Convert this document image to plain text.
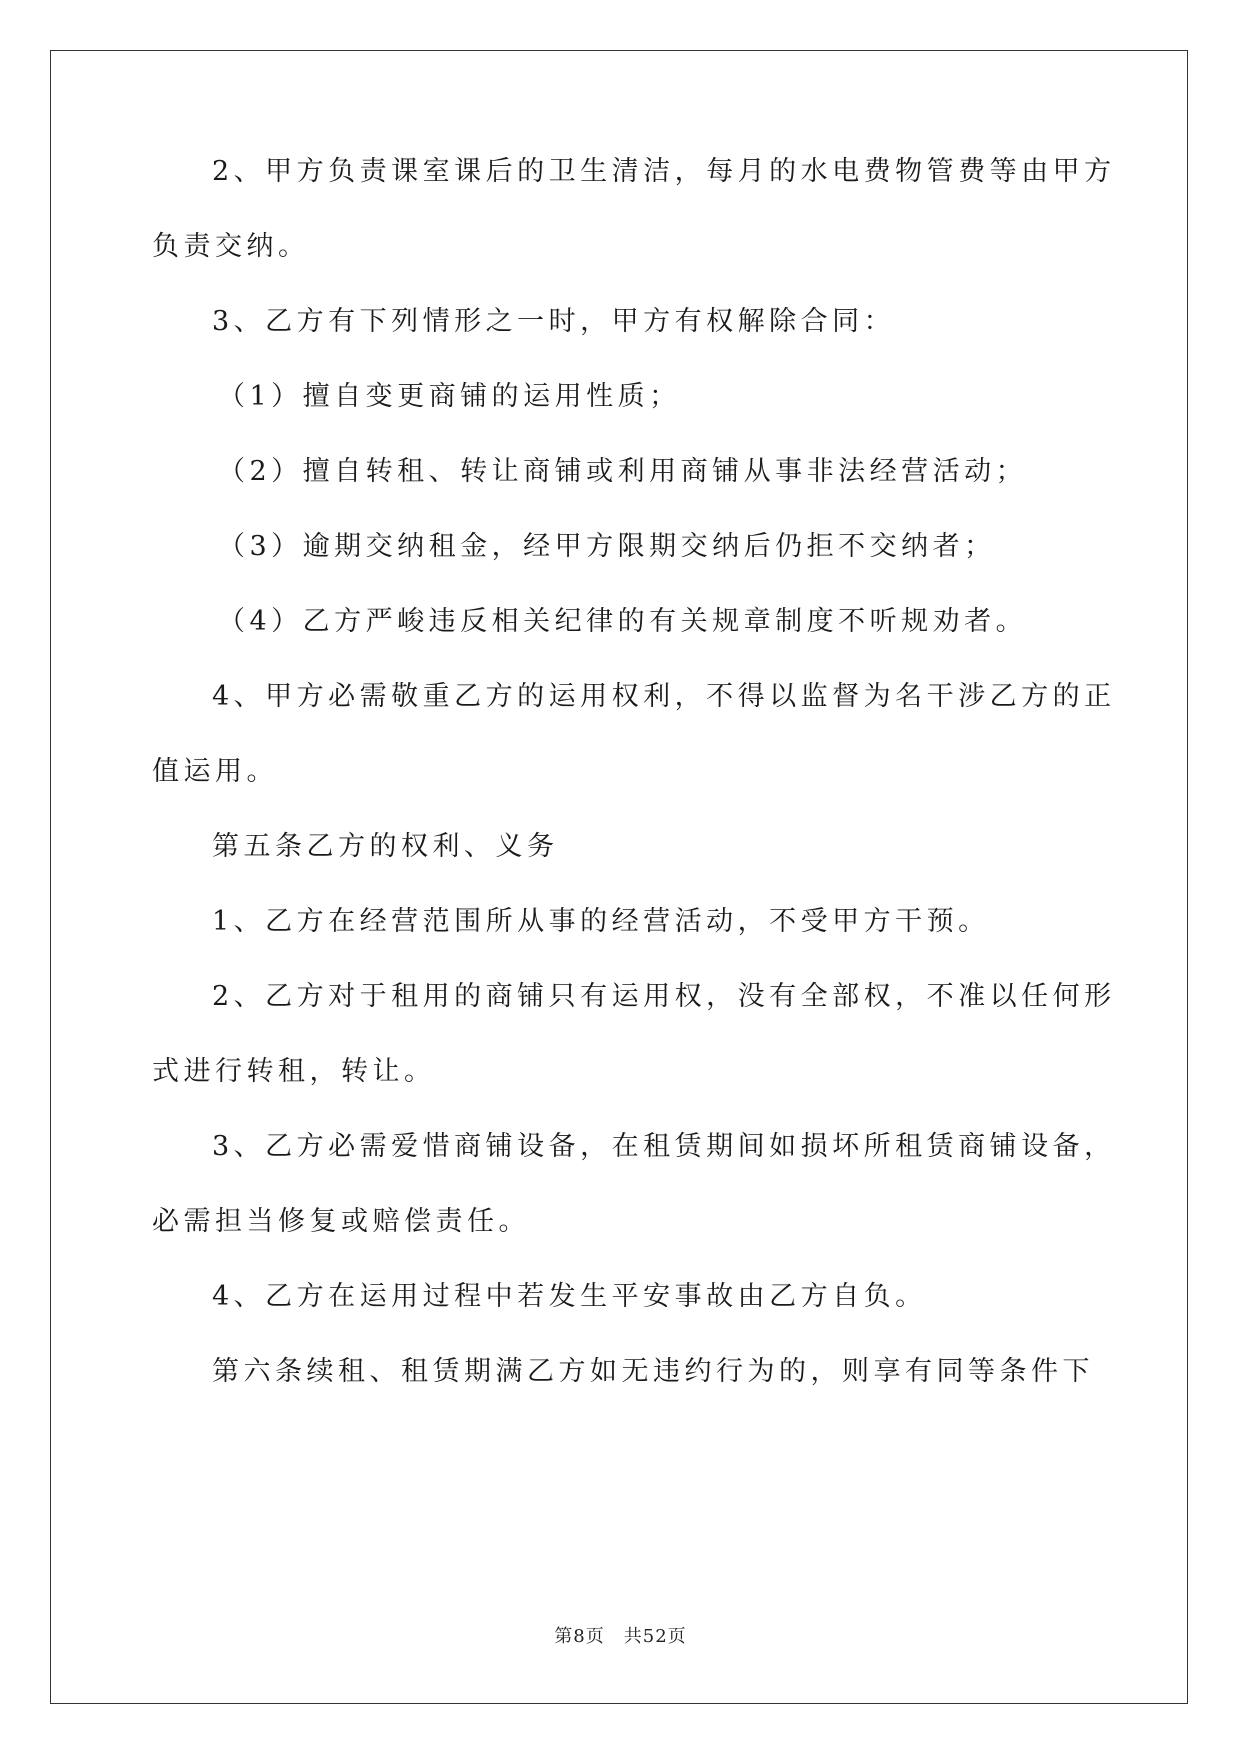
2、甲方负责课室课后的卫生清洁，每月的水电费物管费等由甲方
负责交纳。
3、乙方有下列情形之一时，甲方有权解除合同：
（1）擅自变更商铺的运用性质；
（2）擅自转租、转让商铺或利用商铺从事非法经营活动；
（3）逾期交纳租金，经甲方限期交纳后仍拒不交纳者；
（4）乙方严峻违反相关纪律的有关规章制度不听规劝者。
4、甲方必需敬重乙方的运用权利，不得以监督为名干涉乙方的正
值运用。
第五条乙方的权利、义务
1、乙方在经营范围所从事的经营活动，不受甲方干预。
2、乙方对于租用的商铺只有运用权，没有全部权，不准以任何形
式进行转租，转让。
3、乙方必需爱惜商铺设备，在租赁期间如损坏所租赁商铺设备，
必需担当修复或赔偿责任。
4、乙方在运用过程中若发生平安事故由乙方自负。
第六条续租、租赁期满乙方如无违约行为的，则享有同等条件下
第8页　共52页
